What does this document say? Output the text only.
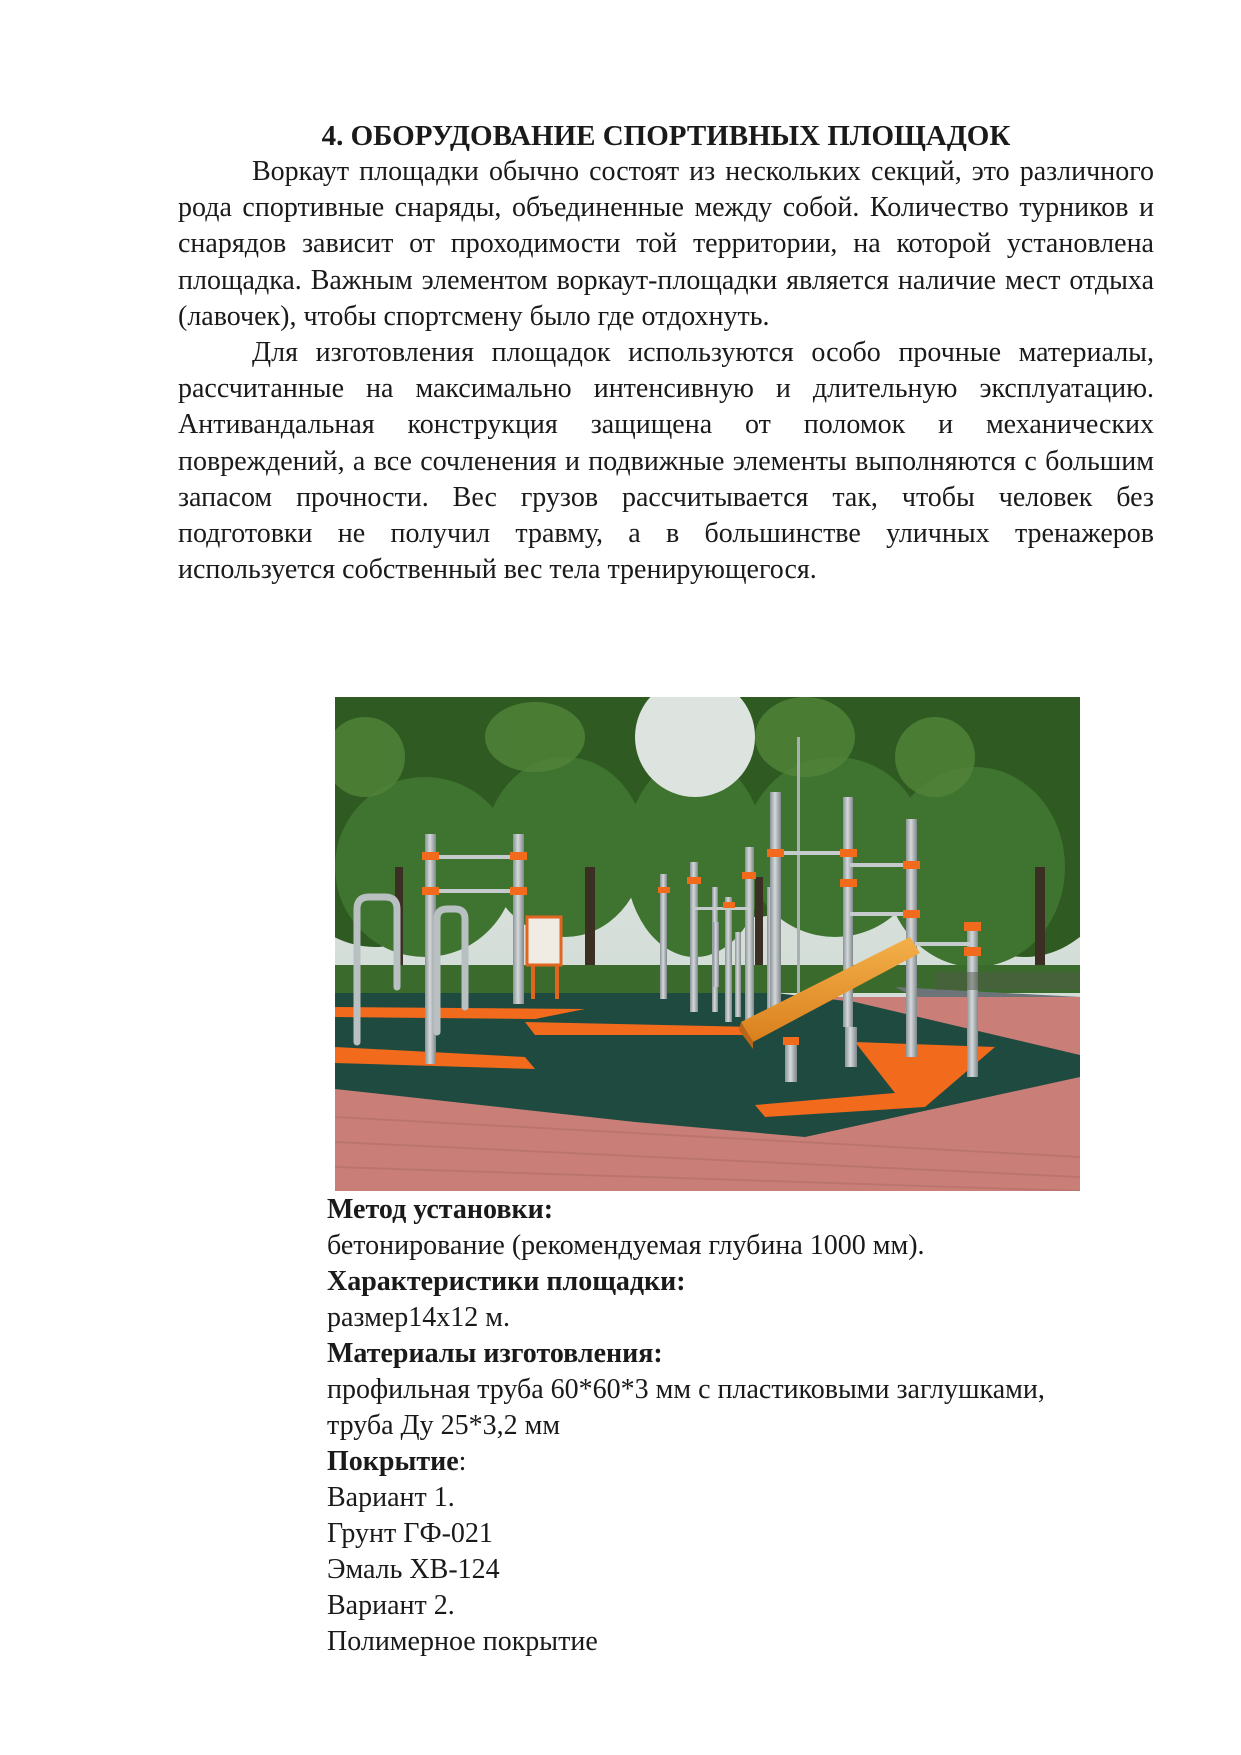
4. ОБОРУДОВАНИЕ СПОРТИВНЫХ ПЛОЩАДОК

Воркаут площадки обычно состоят из нескольких секций, это различного рода спортивные снаряды, объединенные между собой. Количество турников и снарядов зависит от проходимости той территории, на которой установлена площадка. Важным элементом воркаут-площадки является наличие мест отдыха (лавочек), чтобы спортсмену было где отдохнуть.

Для изготовления площадок используются особо прочные материалы, рассчитанные на максимально интенсивную и длительную эксплуатацию. Антивандальная конструкция защищена от поломок и механических повреждений, а все сочленения и подвижные элементы выполняются с большим запасом прочности. Вес грузов рассчитывается так, чтобы человек без подготовки не получил травму, а в большинстве уличных тренажеров используется собственный вес тела тренирующегося.

Метод установки:
бетонирование (рекомендуемая глубина 1000 мм).
Характеристики площадки:
размер14х12 м.
Материалы изготовления:
профильная труба 60*60*3 мм с пластиковыми заглушками,
труба Ду 25*3,2 мм
Покрытие:
Вариант 1.
Грунт ГФ-021
Эмаль ХВ-124
Вариант 2.
Полимерное покрытие
